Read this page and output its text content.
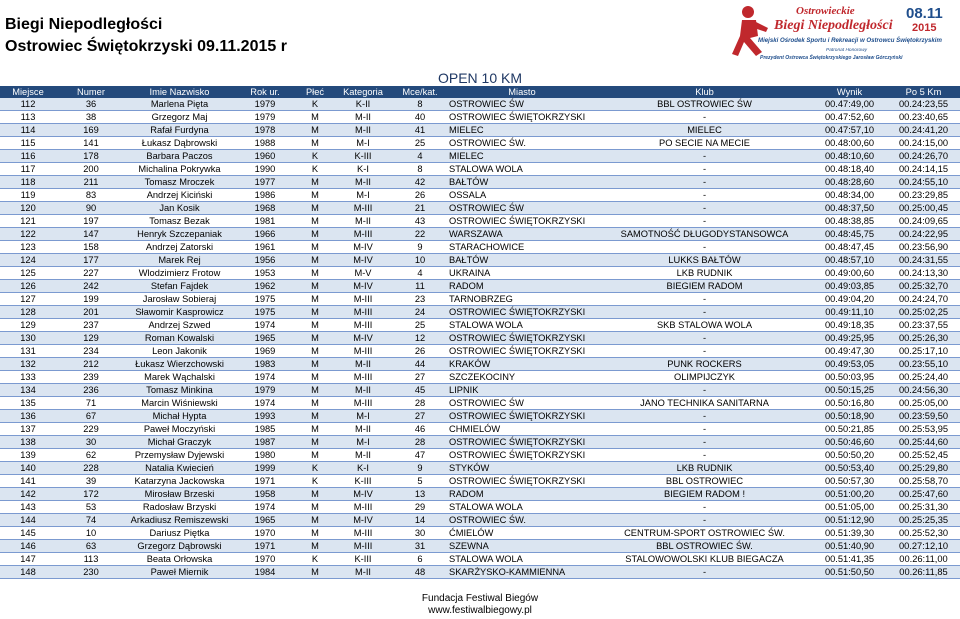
Biegi Niepodległości
Ostrowiec Świętokrzyski 09.11.2015 r
Ostrowieckie
Biegi Niepodległości
08.11
2015
Miejski Ośrodek Sportu i Rekreacji w Ostrowcu Świętokrzyskim
Patronat Honorowy
Prezydent Ostrowca Świętokrzyskiego Jarosław Górczyński
OPEN 10 KM
Miejsce	Numer	Imie Nazwisko	Rok ur.	Płeć	Kategoria	Mce/kat.	Miasto	Klub	Wynik	Po 5 Km
112	36	Marlena Pięta	1979	K	K-II	8	OSTROWIEC ŚW	BBL OSTROWIEC ŚW	00.47:49,00	00.24:23,55
113	38	Grzegorz Maj	1979	M	M-II	40	OSTROWIEC ŚWIĘTOKRZYSKI	-	00.47:52,60	00.23:40,65
114	169	Rafał Furdyna	1978	M	M-II	41	MIELEC	MIELEC	00.47:57,10	00.24:41,20
115	141	Łukasz Dąbrowski	1988	M	M-I	25	OSTROWIEC ŚW.	PO SECIE NA MECIE	00.48:00,60	00.24:15,00
116	178	Barbara Paczos	1960	K	K-III	4	MIELEC	-	00.48:10,60	00.24:26,70
117	200	Michalina Pokrywka	1990	K	K-I	8	STALOWA WOLA	-	00.48:18,40	00.24:14,15
118	211	Tomasz Mroczek	1977	M	M-II	42	BAŁTÓW	-	00.48:28,60	00.24:55,10
119	83	Andrzej Kiciński	1986	M	M-I	26	OSSALA	-	00.48:34,00	00.23:29,85
120	90	Jan Kosik	1968	M	M-III	21	OSTROWIEC ŚW	-	00.48:37,50	00.25:00,45
121	197	Tomasz Bezak	1981	M	M-II	43	OSTROWIEC ŚWIĘTOKRZYSKI	-	00.48:38,85	00.24:09,65
122	147	Henryk Szczepaniak	1966	M	M-III	22	WARSZAWA	SAMOTNOŚĆ DŁUGODYSTANSOWCA	00.48:45,75	00.24:22,95
123	158	Andrzej Zatorski	1961	M	M-IV	9	STARACHOWICE	-	00.48:47,45	00.23:56,90
124	177	Marek Rej	1956	M	M-IV	10	BAŁTÓW	LUKKS BAŁTÓW	00.48:57,10	00.24:31,55
125	227	Wlodzimierz Frotow	1953	M	M-V	4	UKRAINA	LKB RUDNIK	00.49:00,60	00.24:13,30
126	242	Stefan Fajdek	1962	M	M-IV	11	RADOM	BIEGIEM RADOM	00.49:03,85	00.25:32,70
127	199	Jarosław Sobieraj	1975	M	M-III	23	TARNOBRZEG	-	00.49:04,20	00.24:24,70
128	201	Sławomir Kasprowicz	1975	M	M-III	24	OSTROWIEC ŚWIĘTOKRZYSKI	-	00.49:11,10	00.25:02,25
129	237	Andrzej Szwed	1974	M	M-III	25	STALOWA WOLA	SKB STALOWA WOLA	00.49:18,35	00.23:37,55
130	129	Roman Kowalski	1965	M	M-IV	12	OSTROWIEC ŚWIĘTOKRZYSKI	-	00.49:25,95	00.25:26,30
131	234	Leon Jakonik	1969	M	M-III	26	OSTROWIEC ŚWIĘTOKRZYSKI	-	00.49:47,30	00.25:17,10
132	212	Łukasz Wierzchowski	1983	M	M-II	44	KRAKÓW	PUNK ROCKERS	00.49:53,05	00.23:55,10
133	239	Marek Wąchalski	1974	M	M-III	27	SZCZEKOCINY	OLIMPIJCZYK	00.50:03,95	00.25:24,40
134	236	Tomasz Minkina	1979	M	M-II	45	LIPNIK	-	00.50:15,25	00.24:56,30
135	71	Marcin Wiśniewski	1974	M	M-III	28	OSTROWIEC ŚW	JANO TECHNIKA SANITARNA	00.50:16,80	00.25:05,00
136	67	Michał Hypta	1993	M	M-I	27	OSTROWIEC ŚWIĘTOKRZYSKI	-	00.50:18,90	00.23:59,50
137	229	Paweł Moczyński	1985	M	M-II	46	CHMIELÓW	-	00.50:21,85	00.25:53,95
138	30	Michał Graczyk	1987	M	M-I	28	OSTROWIEC ŚWIĘTOKRZYSKI	-	00.50:46,60	00.25:44,60
139	62	Przemysław Dyjewski	1980	M	M-II	47	OSTROWIEC ŚWIĘTOKRZYSKI	-	00.50:50,20	00.25:52,45
140	228	Natalia Kwiecień	1999	K	K-I	9	STYKÓW	LKB RUDNIK	00.50:53,40	00.25:29,80
141	39	Katarzyna Jackowska	1971	K	K-III	5	OSTROWIEC ŚWIĘTOKRZYSKI	BBL OSTROWIEC	00.50:57,30	00.25:58,70
142	172	Mirosław Brzeski	1958	M	M-IV	13	RADOM	BIEGIEM RADOM !	00.51:00,20	00.25:47,60
143	53	Radosław Brzyski	1974	M	M-III	29	STALOWA WOLA	-	00.51:05,00	00.25:31,30
144	74	Arkadiusz Remiszewski	1965	M	M-IV	14	OSTROWIEC ŚW.	-	00.51:12,90	00.25:25,35
145	10	Dariusz Piętka	1970	M	M-III	30	ĆMIELÓW	CENTRUM-SPORT OSTROWIEC ŚW.	00.51:39,30	00.25:52,30
146	63	Grzegorz Dąbrowski	1971	M	M-III	31	SZEWNA	BBL OSTROWIEC ŚW.	00.51:40,90	00.27:12,10
147	113	Beata Orłowska	1970	K	K-III	6	STALOWA WOLA	STALOWOWOLSKI KLUB BIEGACZA	00.51:41,35	00.26:11,00
148	230	Paweł Miernik	1984	M	M-II	48	SKARŻYSKO-KAMMIENNA	-	00.51:50,50	00.26:11,85
Fundacja Festiwal Biegów
www.festiwalbiegowy.pl
